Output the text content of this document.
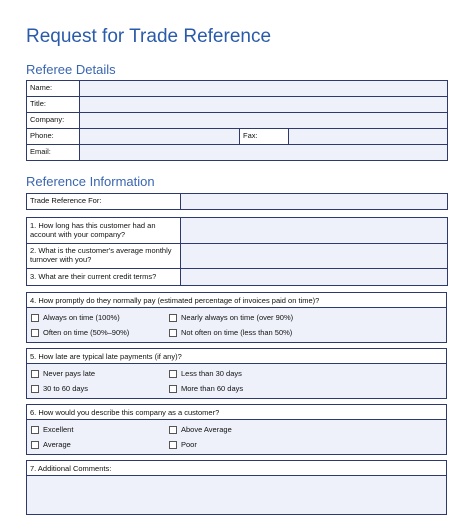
Request for Trade Reference
Referee Details
Name:			
Title:			
Company:			
Phone:		Fax:	
Email:			
Reference Information
Trade Reference For:	
1. How long has this customer had an account with your company?	
2. What is the customer's average monthly turnover with you?	
3. What are their current credit terms?	
4. How promptly do they normally pay (estimated percentage of invoices paid on time)?
Always on time (100%)	Nearly always on time (over 90%)
Often on time (50%–90%)	Not often on time (less than 50%)
5. How late are typical late payments (if any)?
Never pays late	Less than 30 days
30 to 60 days	More than 60 days
6. How would you describe this company as a customer?
Excellent	Above Average
Average	Poor
7. Additional Comments:
